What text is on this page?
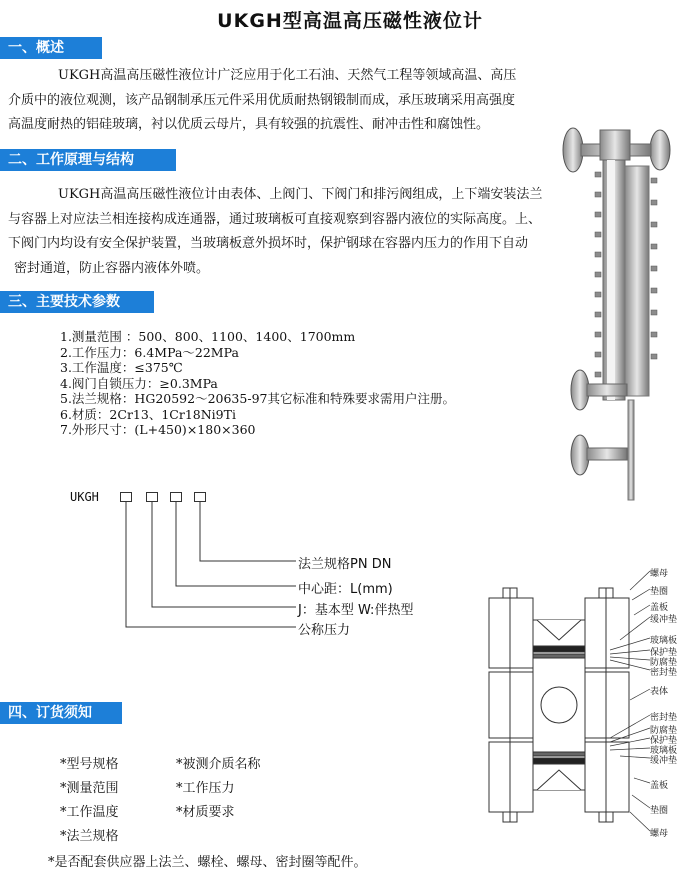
UKGH型高温高压磁性液位计
一、概述

UKGH高温高压磁性液位计广泛应用于化工石油、天然气工程等领域高温、高压

介质中的液位观测，该产品钢制承压元件采用优质耐热钢锻制而成，承压玻璃采用高强度

高温度耐热的铝硅玻璃，衬以优质云母片，具有较强的抗震性、耐冲击性和腐蚀性。

二、工作原理与结构

UKGH高温高压磁性液位计由表体、上阀门、下阀门和排污阀组成，上下端安装法兰

与容器上对应法兰相连接构成连通器，通过玻璃板可直接观察到容器内液位的实际高度。上、

下阀门内均设有安全保护装置，当玻璃板意外损坏时，保护钢球在容器内压力的作用下自动

密封通道，防止容器内液体外喷。

三、主要技术参数
1.测量范围 ：500、800、1100、1400、1700mm
2.工作压力：6.4MPa～22MPa
3.工作温度：≤375℃
4.阀门自锁压力：≥0.3MPa
5.法兰规格：HG20592～20635-97其它标准和特殊要求需用户注册。
6.材质：2Cr13、1Cr18Ni9Ti
7.外形尺寸：(L+450)×180×360
UKGH
法兰规格PN DN
中心距：L(mm)
J：基本型 W:伴热型
公称压力
螺母
垫圈
盖板
缓冲垫
玻璃板
保护垫
防腐垫
密封垫
表体
密封垫
防腐垫
保护垫
玻璃板
缓冲垫
盖板
垫圈
螺母
四、订货须知
*型号规格
*测量范围
*工作温度
*法兰规格
*被测介质名称
*工作压力
*材质要求
*是否配套供应器上法兰、螺栓、螺母、密封圈等配件。
